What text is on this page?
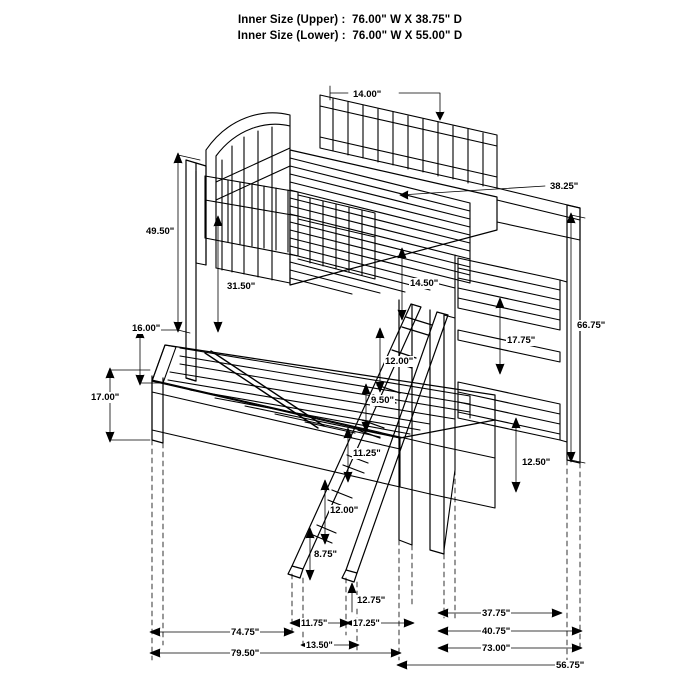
Inner Size (Upper) :  76.00" W X 38.75" D
Inner Size (Lower) :  76.00" W X 55.00" D
14.00"
38.25"
49.50"
31.50"	14.50"
66.75"
16.00"
17.75"
12.00"
17.00"	9.50"
11.25"
12.50"
12.00"
8.75"
12.75"
37.75"
11.75"	17.25"
40.75"
13.50"
74.75"
73.00"
79.50"
56.75"
